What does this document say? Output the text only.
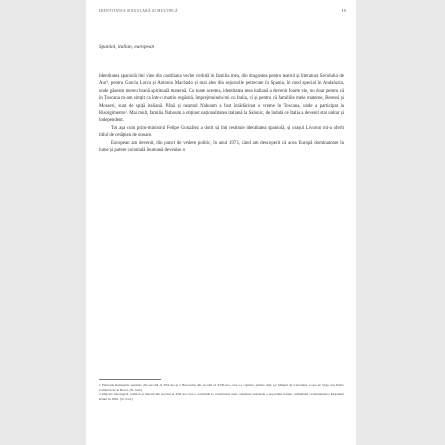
IDENTITATEA SINGULARĂ ȘI MULTIPLĂ	15
Spaniol, italian, european

Identitatea spaniolă îmi vine din castiliana veche vorbită în familia mea, din dragostea pentru teatrul și literatura Secolului de Aur¹, pentru García Lorca și Antonio Machado și mai ales din sejururile petrecute în Spania, în mod special în Andaluzia, unde găseam mereu hrană spirituală maternă. Cu toate acestea, identitatea mea italiană a devenit foarte vie, nu doar pentru că în Toscana m-am simțit ca într-o matrie regăsită, împrejmuindu-mi cu Italia, ci și pentru că familiile mele materne, Beressi și Mosseri, sunt de spiță italiană. Până și neamul Nahoum a fost înrădăcinat o vreme în Toscana, unde a participat la Risorgimento². Mai mult, familia Nahoum a obținut naționalitatea italiană la Salonic, de îndată ce Italia a devenit stat unitar și independent.

Tot așa cum prim-ministrul Felipe González a dorit să îmi restituie identitatea spaniolă, și orașul Livorno mi-a oferit titlul de cetățean de onoare.

European am devenit, din punct de vedere politic, în anul 1973, când am descoperit că acea Europă dominatoare în lume și putere colonială înumană devenise o

1 Perioada Renașterii spaniole din secolul al XVI-lea și a Barocului din secolul al XVII-lea, care i-a cuprins, printre alții, pe Miguel de Cervantes, Lope de Vega sau Pedro Calderón de la Barca. (N. trad.)

2 Mișcare ideologică, politică și literară din secolul al XIX-lea care a contribuit la construirea unei conștiințe naționale a poporului italian, culminând cu întemeierea Regatului Italiei în 1861. (N. trad.)
